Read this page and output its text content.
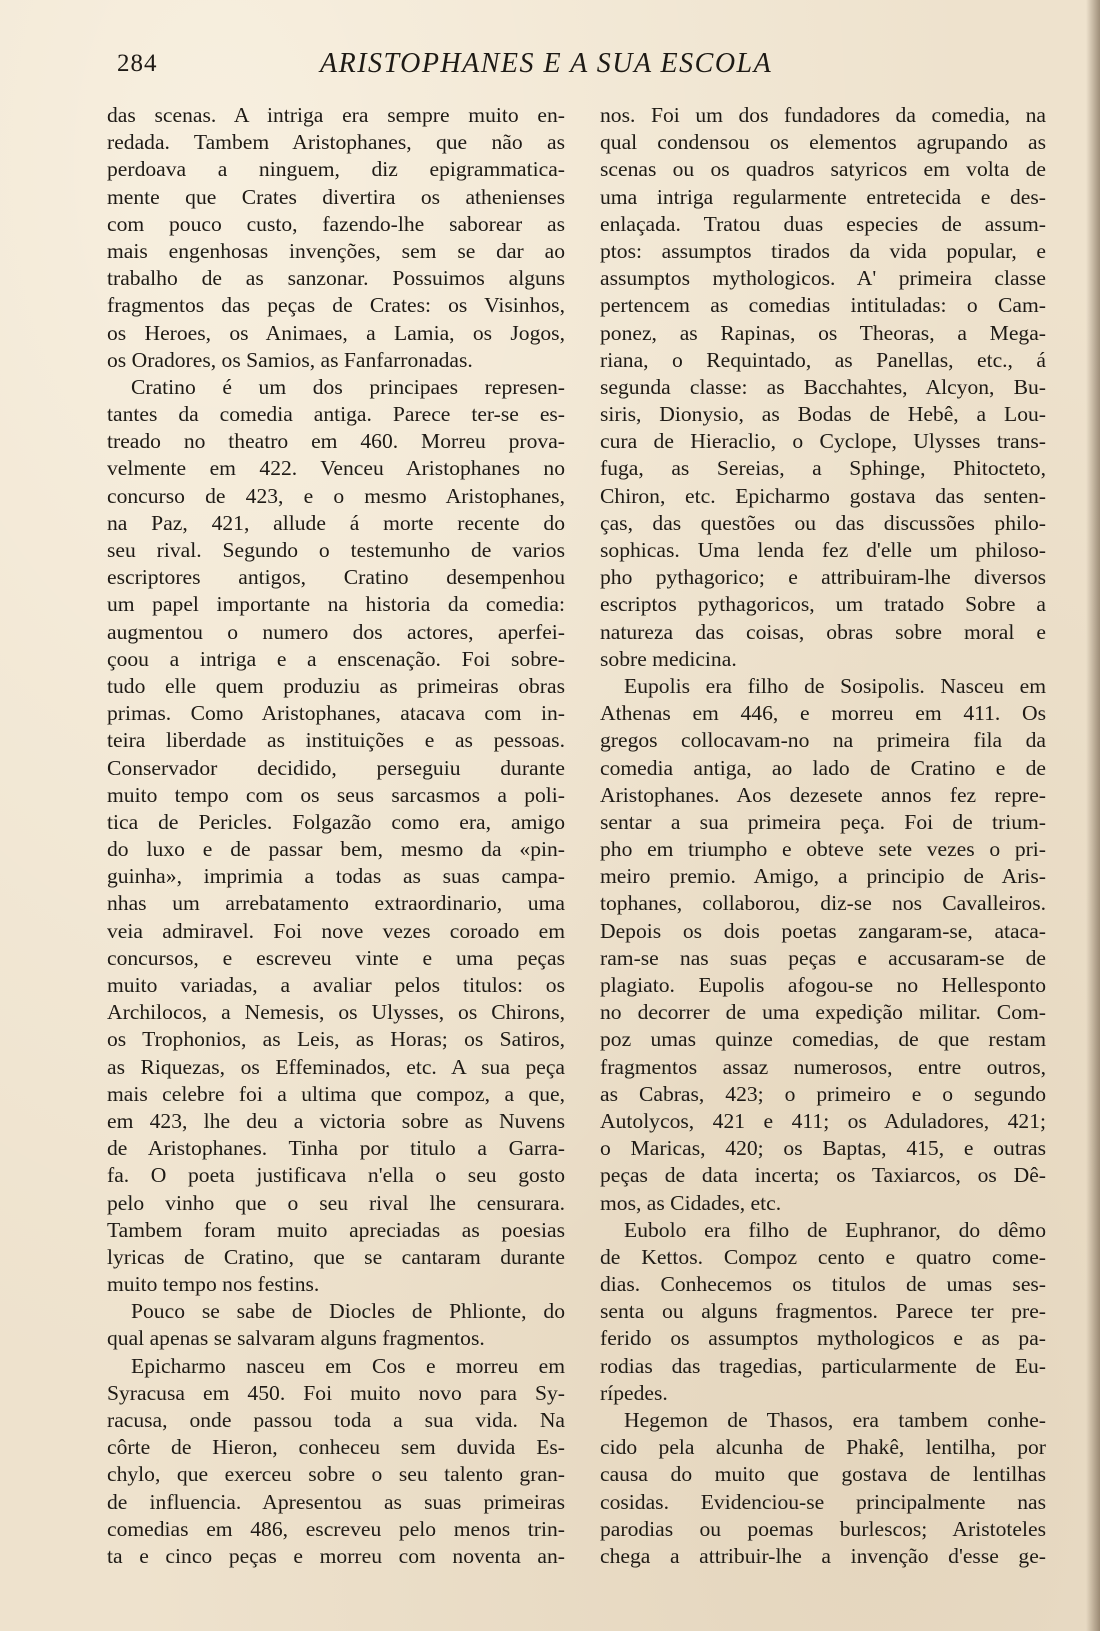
284	ARISTOPHANES E A SUA ESCOLA
das scenas. A intriga era sempre muito en-
redada. Tambem Aristophanes, que não as
perdoava a ninguem, diz epigrammatica-
mente que Crates divertira os athenienses
com pouco custo, fazendo-lhe saborear as
mais engenhosas invenções, sem se dar ao
trabalho de as sanzonar. Possuimos alguns
fragmentos das peças de Crates: os Visinhos,
os Heroes, os Animaes, a Lamia, os Jogos,
os Oradores, os Samios, as Fanfarronadas.
Cratino é um dos principaes represen-
tantes da comedia antiga. Parece ter-se es-
treado no theatro em 460. Morreu prova-
velmente em 422. Venceu Aristophanes no
concurso de 423, e o mesmo Aristophanes,
na Paz, 421, allude á morte recente do
seu rival. Segundo o testemunho de varios
escriptores antigos, Cratino desempenhou
um papel importante na historia da comedia:
augmentou o numero dos actores, aperfei-
çoou a intriga e a enscenação. Foi sobre-
tudo elle quem produziu as primeiras obras
primas. Como Aristophanes, atacava com in-
teira liberdade as instituições e as pessoas.
Conservador decidido, perseguiu durante
muito tempo com os seus sarcasmos a poli-
tica de Pericles. Folgazão como era, amigo
do luxo e de passar bem, mesmo da «pin-
guinha», imprimia a todas as suas campa-
nhas um arrebatamento extraordinario, uma
veia admiravel. Foi nove vezes coroado em
concursos, e escreveu vinte e uma peças
muito variadas, a avaliar pelos titulos: os
Archilocos, a Nemesis, os Ulysses, os Chirons,
os Trophonios, as Leis, as Horas; os Satiros,
as Riquezas, os Effeminados, etc. A sua peça
mais celebre foi a ultima que compoz, a que,
em 423, lhe deu a victoria sobre as Nuvens
de Aristophanes. Tinha por titulo a Garra-
fa. O poeta justificava n'ella o seu gosto
pelo vinho que o seu rival lhe censurara.
Tambem foram muito apreciadas as poesias
lyricas de Cratino, que se cantaram durante
muito tempo nos festins.
Pouco se sabe de Diocles de Phlionte, do
qual apenas se salvaram alguns fragmentos.
Epicharmo nasceu em Cos e morreu em
Syracusa em 450. Foi muito novo para Sy-
racusa, onde passou toda a sua vida. Na
côrte de Hieron, conheceu sem duvida Es-
chylo, que exerceu sobre o seu talento gran-
de influencia. Apresentou as suas primeiras
comedias em 486, escreveu pelo menos trin-
ta e cinco peças e morreu com noventa an-
nos. Foi um dos fundadores da comedia, na
qual condensou os elementos agrupando as
scenas ou os quadros satyricos em volta de
uma intriga regularmente entretecida e des-
enlaçada. Tratou duas especies de assum-
ptos: assumptos tirados da vida popular, e
assumptos mythologicos. A' primeira classe
pertencem as comedias intituladas: o Cam-
ponez, as Rapinas, os Theoras, a Mega-
riana, o Requintado, as Panellas, etc., á
segunda classe: as Bacchahtes, Alcyon, Bu-
siris, Dionysio, as Bodas de Hebê, a Lou-
cura de Hieraclio, o Cyclope, Ulysses trans-
fuga, as Sereias, a Sphinge, Phitocteto,
Chiron, etc. Epicharmo gostava das senten-
ças, das questões ou das discussões philo-
sophicas. Uma lenda fez d'elle um philoso-
pho pythagorico; e attribuiram-lhe diversos
escriptos pythagoricos, um tratado Sobre a
natureza das coisas, obras sobre moral e
sobre medicina.
Eupolis era filho de Sosipolis. Nasceu em
Athenas em 446, e morreu em 411. Os
gregos collocavam-no na primeira fila da
comedia antiga, ao lado de Cratino e de
Aristophanes. Aos dezesete annos fez repre-
sentar a sua primeira peça. Foi de trium-
pho em triumpho e obteve sete vezes o pri-
meiro premio. Amigo, a principio de Aris-
tophanes, collaborou, diz-se nos Cavalleiros.
Depois os dois poetas zangaram-se, ataca-
ram-se nas suas peças e accusaram-se de
plagiato. Eupolis afogou-se no Hellesponto
no decorrer de uma expedição militar. Com-
poz umas quinze comedias, de que restam
fragmentos assaz numerosos, entre outros,
as Cabras, 423; o primeiro e o segundo
Autolycos, 421 e 411; os Aduladores, 421;
o Maricas, 420; os Baptas, 415, e outras
peças de data incerta; os Taxiarcos, os Dê-
mos, as Cidades, etc.
Eubolo era filho de Euphranor, do dêmo
de Kettos. Compoz cento e quatro come-
dias. Conhecemos os titulos de umas ses-
senta ou alguns fragmentos. Parece ter pre-
ferido os assumptos mythologicos e as pa-
rodias das tragedias, particularmente de Eu-
rípedes.
Hegemon de Thasos, era tambem conhe-
cido pela alcunha de Phakê, lentilha, por
causa do muito que gostava de lentilhas
cosidas. Evidenciou-se principalmente nas
parodias ou poemas burlescos; Aristoteles
chega a attribuir-lhe a invenção d'esse ge-
